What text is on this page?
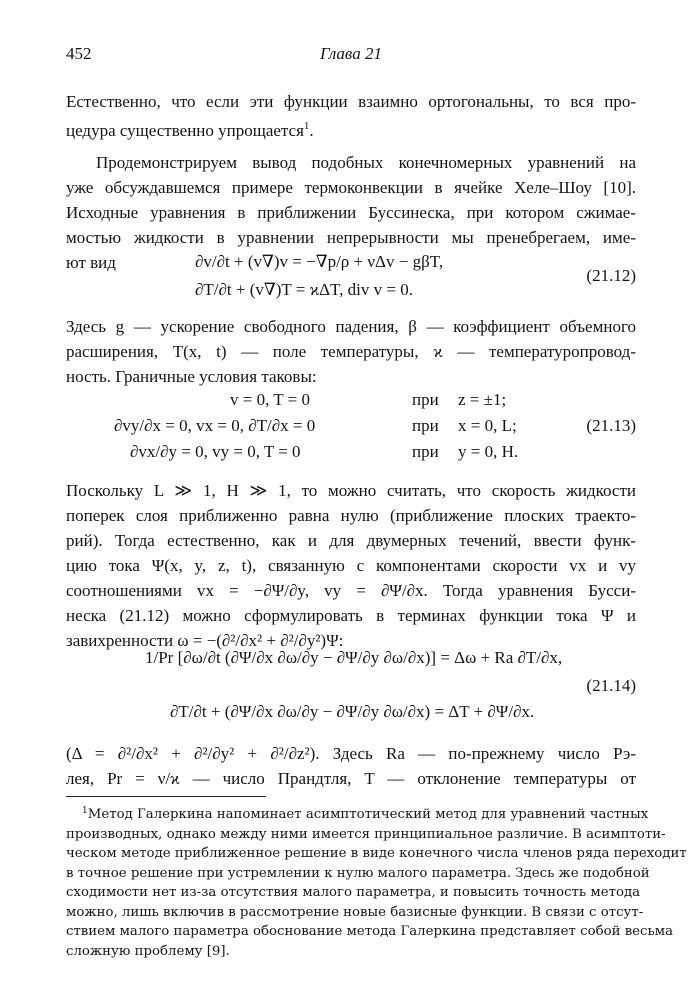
452	Глава 21
Естественно, что если эти функции взаимно ортогональны, то вся про-
цедура существенно упрощается$^1$.
Продемонстрируем вывод подобных конечномерных уравнений на
уже обсуждавшемся примере термоконвекции в ячейке Хеле–Шоу [10].
Исходные уравнения в приближении Буссинеска, при котором сжимае-
мостью жидкости в уравнении непрерывности мы пренебрегаем, име-
ют вид	∂v/∂t + (v∇)v = −∇p/ρ + νΔv − gβT,
∂T/∂t + (v∇)T = ϰΔT, div v = 0.
(21.12)
Здесь g — ускорение свободного падения, β — коэффициент объемного
расширения, T(x, t) — поле температуры, ϰ — температуропровод-
ность. Граничные условия таковы:
v = 0, T = 0	при z = ±1;
∂vy/∂x = 0, vx = 0, ∂T/∂x = 0	при x = 0, L;
∂vx/∂y = 0, vy = 0, T = 0	при y = 0, H.
(21.13)
Поскольку L ≫ 1, H ≫ 1, то можно считать, что скорость жидкости
поперек слоя приближенно равна нулю (приближение плоских траекто-
рий). Тогда естественно, как и для двумерных течений, ввести функ-
цию тока Ψ(x, y, z, t), связанную с компонентами скорости vx и vy
соотношениями vx = −∂Ψ/∂y, vy = ∂Ψ/∂x. Тогда уравнения Бусси-
неска (21.12) можно сформулировать в терминах функции тока Ψ и
завихренности ω = −(∂²/∂x² + ∂²/∂y²)Ψ:
1/Pr [∂ω/∂t (∂Ψ/∂x ∂ω/∂y − ∂Ψ/∂y ∂ω/∂x)] = Δω + Ra ∂T/∂x,
∂T/∂t + (∂Ψ/∂x ∂ω/∂y − ∂Ψ/∂y ∂ω/∂x) = ΔT + ∂Ψ/∂x.
(21.14)
(Δ = ∂²/∂x² + ∂²/∂y² + ∂²/∂z²). Здесь Ra — по-прежнему число Рэ-
лея, Pr = ν/ϰ — число Прандтля, T — отклонение температуры от
$^1$Метод Галеркина напоминает асимптотический метод для уравнений частных
производных, однако между ними имеется принципиальное различие. В асимптоти-
ческом методе приближенное решение в виде конечного числа членов ряда переходит
в точное решение при устремлении к нулю малого параметра. Здесь же подобной
сходимости нет из-за отсутствия малого параметра, и повысить точность метода
можно, лишь включив в рассмотрение новые базисные функции. В связи с отсут-
ствием малого параметра обоснование метода Галеркина представляет собой весьма
сложную проблему [9].
